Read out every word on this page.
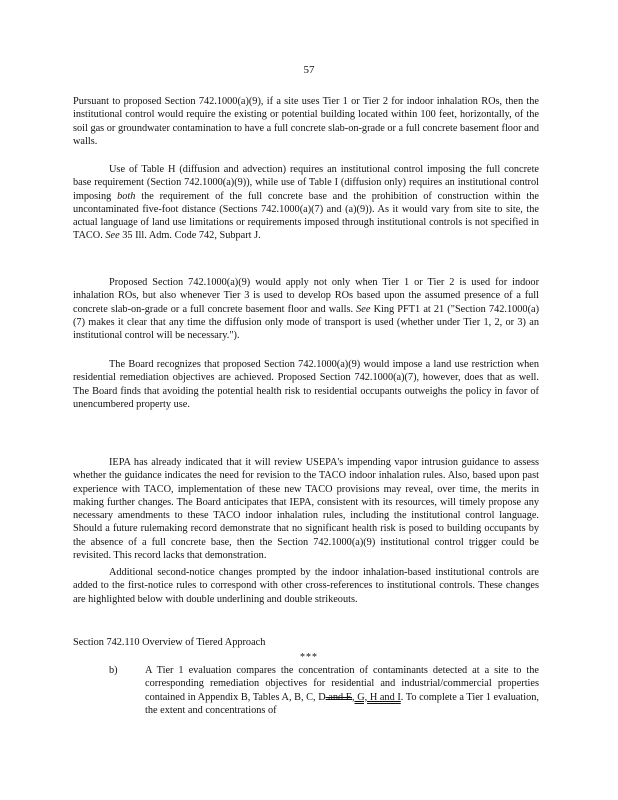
57

Pursuant to proposed Section 742.1000(a)(9), if a site uses Tier 1 or Tier 2 for indoor inhalation ROs, then the institutional control would require the existing or potential building located within 100 feet, horizontally, of the soil gas or groundwater contamination to have a full concrete slab-on-grade or a full concrete basement floor and walls.

Use of Table H (diffusion and advection) requires an institutional control imposing the full concrete base requirement (Section 742.1000(a)(9)), while use of Table I (diffusion only) requires an institutional control imposing both the requirement of the full concrete base and the prohibition of construction within the uncontaminated five-foot distance (Sections 742.1000(a)(7) and (a)(9)). As it would vary from site to site, the actual language of land use limitations or requirements imposed through institutional controls is not specified in TACO. See 35 Ill. Adm. Code 742, Subpart J.

Proposed Section 742.1000(a)(9) would apply not only when Tier 1 or Tier 2 is used for indoor inhalation ROs, but also whenever Tier 3 is used to develop ROs based upon the assumed presence of a full concrete slab-on-grade or a full concrete basement floor and walls. See King PFT1 at 21 ("Section 742.1000(a)(7) makes it clear that any time the diffusion only mode of transport is used (whether under Tier 1, 2, or 3) an institutional control will be necessary.").

The Board recognizes that proposed Section 742.1000(a)(9) would impose a land use restriction when residential remediation objectives are achieved. Proposed Section 742.1000(a)(7), however, does that as well. The Board finds that avoiding the potential health risk to residential occupants outweighs the policy in favor of unencumbered property use.

IEPA has already indicated that it will review USEPA's impending vapor intrusion guidance to assess whether the guidance indicates the need for revision to the TACO indoor inhalation rules. Also, based upon past experience with TACO, implementation of these new TACO provisions may reveal, over time, the merits in making further changes. The Board anticipates that IEPA, consistent with its resources, will timely propose any necessary amendments to these TACO indoor inhalation rules, including the institutional control language. Should a future rulemaking record demonstrate that no significant health risk is posed to building occupants by the absence of a full concrete base, then the Section 742.1000(a)(9) institutional control trigger could be revisited. This record lacks that demonstration.

Additional second-notice changes prompted by the indoor inhalation-based institutional controls are added to the first-notice rules to correspond with other cross-references to institutional controls. These changes are highlighted below with double underlining and double strikeouts.

Section 742.110 Overview of Tiered Approach

***
b)	A Tier 1 evaluation compares the concentration of contaminants detected at a site to the corresponding remediation objectives for residential and industrial/commercial properties contained in Appendix B, Tables A, B, C, D and E, G, H and I. To complete a Tier 1 evaluation, the extent and concentrations of
